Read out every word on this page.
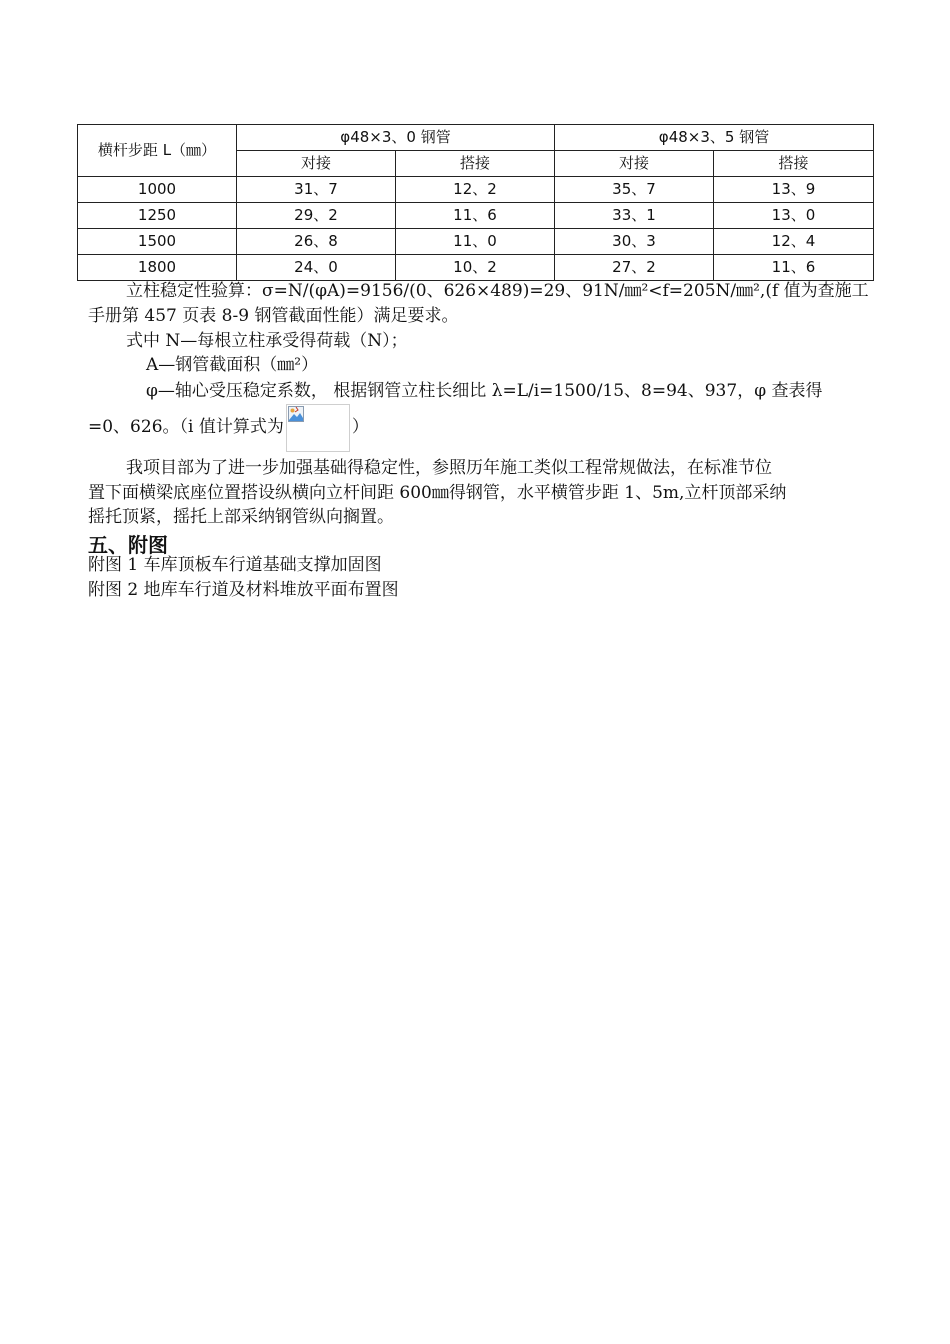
横杆步距 L（㎜）	φ48×3、0 钢管		φ48×3、5 钢管	
	对接	搭接	对接	搭接
1000	31、7	12、2	35、7	13、9
1250	29、2	11、6	33、1	13、0
1500	26、8	11、0	30、3	12、4
1800	24、0	10、2	27、2	11、6
立柱稳定性验算：σ=N/(φA)=9156/(0、626×489)=29、91N/㎜²<f=205N/㎜²,(f 值为查施工
手册第 457 页表 8-9 钢管截面性能）满足要求。
式中 N—每根立柱承受得荷载（N）；
A—钢管截面积（㎜²）
φ—轴心受压稳定系数， 根据钢管立柱长细比 λ=L/i=1500/15、8=94、937，φ 查表得
=0、626。（i 值计算式为	）
我项目部为了进一步加强基础得稳定性，参照历年施工类似工程常规做法，在标准节位
置下面横梁底座位置搭设纵横向立杆间距 600㎜得钢管，水平横管步距 1、5m,立杆顶部采纳
摇托顶紧，摇托上部采纳钢管纵向搁置。
五、附图
附图 1 车库顶板车行道基础支撑加固图
附图 2 地库车行道及材料堆放平面布置图
